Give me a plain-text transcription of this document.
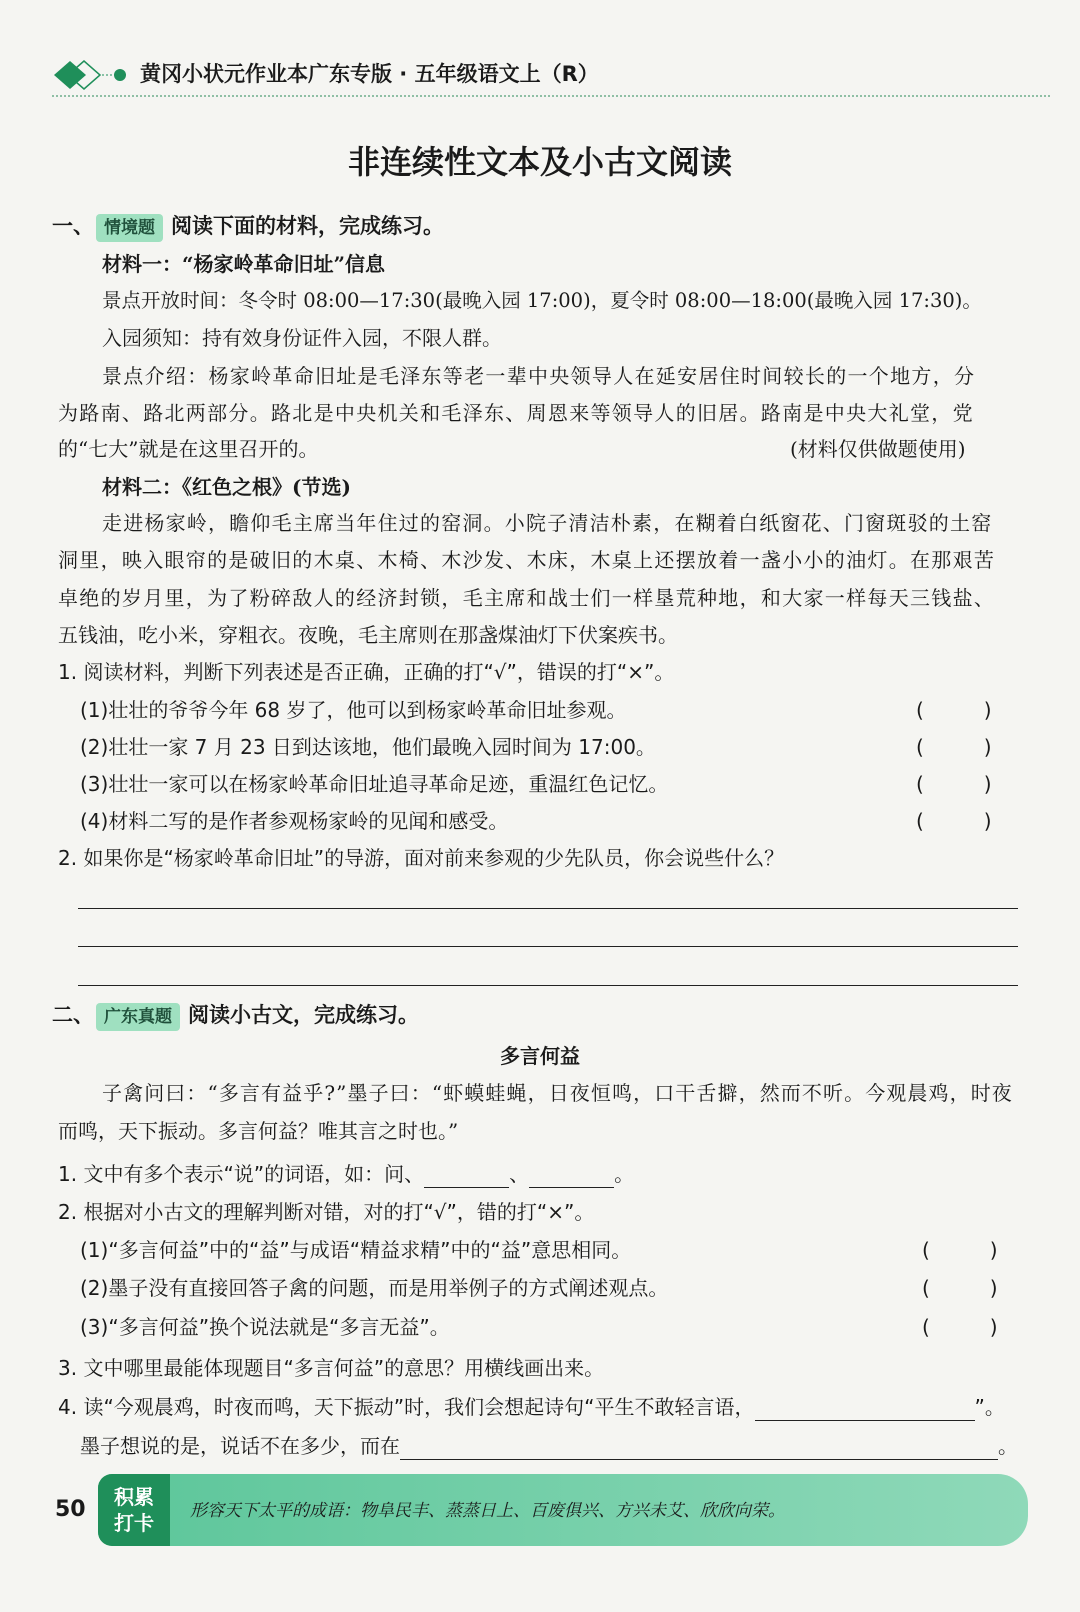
黄冈小状元作业本广东专版 · 五年级语文上（R）
非连续性文本及小古文阅读
一、 情境题 阅读下面的材料，完成练习。
材料一：“杨家岭革命旧址”信息
景点开放时间：冬令时 08:00—17:30(最晚入园 17:00)，夏令时 08:00—18:00(最晚入园 17:30)。
入园须知：持有效身份证件入园，不限人群。
景点介绍：杨家岭革命旧址是毛泽东等老一辈中央领导人在延安居住时间较长的一个地方，分
为路南、路北两部分。路北是中央机关和毛泽东、周恩来等领导人的旧居。路南是中央大礼堂，党
的“七大”就是在这里召开的。	(材料仅供做题使用)
材料二：《红色之根》(节选)
走进杨家岭，瞻仰毛主席当年住过的窑洞。小院子清洁朴素，在糊着白纸窗花、门窗斑驳的土窑
洞里，映入眼帘的是破旧的木桌、木椅、木沙发、木床，木桌上还摆放着一盏小小的油灯。在那艰苦
卓绝的岁月里，为了粉碎敌人的经济封锁，毛主席和战士们一样垦荒种地，和大家一样每天三钱盐、
五钱油，吃小米，穿粗衣。夜晚，毛主席则在那盏煤油灯下伏案疾书。
1. 阅读材料，判断下列表述是否正确，正确的打“√”，错误的打“×”。
(1)壮壮的爷爷今年 68 岁了，他可以到杨家岭革命旧址参观。	(　　　)
(2)壮壮一家 7 月 23 日到达该地，他们最晚入园时间为 17:00。	(　　　)
(3)壮壮一家可以在杨家岭革命旧址追寻革命足迹，重温红色记忆。	(　　　)
(4)材料二写的是作者参观杨家岭的见闻和感受。	(　　　)
2. 如果你是“杨家岭革命旧址”的导游，面对前来参观的少先队员，你会说些什么？
二、 广东真题 阅读小古文，完成练习。
多言何益
子禽问曰：“多言有益乎?”墨子曰：“虾蟆蛙蝇，日夜恒鸣，口干舌擗，然而不听。今观晨鸡，时夜
而鸣，天下振动。多言何益？唯其言之时也。”
1. 文中有多个表示“说”的词语，如：问、	、	。
2. 根据对小古文的理解判断对错，对的打“√”，错的打“×”。
(1)“多言何益”中的“益”与成语“精益求精”中的“益”意思相同。	(　　　)
(2)墨子没有直接回答子禽的问题，而是用举例子的方式阐述观点。	(　　　)
(3)“多言何益”换个说法就是“多言无益”。	(　　　)
3. 文中哪里最能体现题目“多言何益”的意思？用横线画出来。
4. 读“今观晨鸡，时夜而鸣，天下振动”时，我们会想起诗句“平生不敢轻言语，	”。
墨子想说的是，说话不在多少，而在	。
50	积累打卡	形容天下太平的成语：物阜民丰、蒸蒸日上、百废俱兴、方兴未艾、欣欣向荣。
